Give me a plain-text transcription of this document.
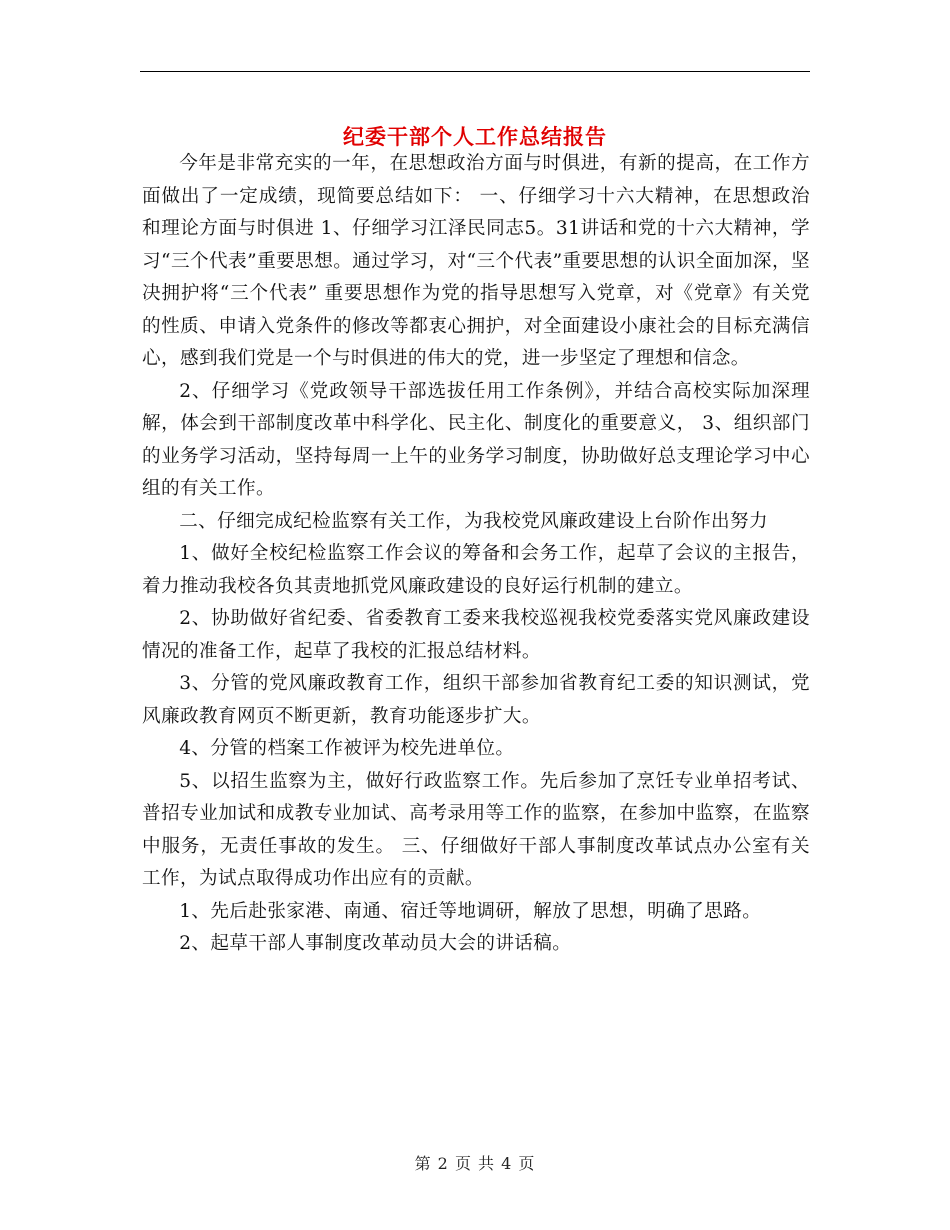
纪委干部个人工作总结报告

今年是非常充实的一年，在思想政治方面与时俱进，有新的提高，在工作方面做出了一定成绩，现简要总结如下： 一、仔细学习十六大精神，在思想政治和理论方面与时俱进 1、仔细学习江泽民同志5。31讲话和党的十六大精神，学习“三个代表”重要思想。通过学习，对“三个代表”重要思想的认识全面加深，坚决拥护将“三个代表” 重要思想作为党的指导思想写入党章，对《党章》有关党的性质、申请入党条件的修改等都衷心拥护，对全面建设小康社会的目标充满信心，感到我们党是一个与时俱进的伟大的党，进一步坚定了理想和信念。

2、仔细学习《党政领导干部选拔任用工作条例》，并结合高校实际加深理解，体会到干部制度改革中科学化、民主化、制度化的重要意义， 3、组织部门的业务学习活动，坚持每周一上午的业务学习制度，协助做好总支理论学习中心组的有关工作。

二、仔细完成纪检监察有关工作，为我校党风廉政建设上台阶作出努力

1、做好全校纪检监察工作会议的筹备和会务工作，起草了会议的主报告，着力推动我校各负其责地抓党风廉政建设的良好运行机制的建立。

2、协助做好省纪委、省委教育工委来我校巡视我校党委落实党风廉政建设情况的准备工作，起草了我校的汇报总结材料。

3、分管的党风廉政教育工作，组织干部参加省教育纪工委的知识测试，党风廉政教育网页不断更新，教育功能逐步扩大。

4、分管的档案工作被评为校先进单位。

5、以招生监察为主，做好行政监察工作。先后参加了烹饪专业单招考试、普招专业加试和成教专业加试、高考录用等工作的监察，在参加中监察，在监察中服务，无责任事故的发生。 三、仔细做好干部人事制度改革试点办公室有关工作，为试点取得成功作出应有的贡献。

1、先后赴张家港、南通、宿迁等地调研，解放了思想，明确了思路。

2、起草干部人事制度改革动员大会的讲话稿。

第 2 页 共 4 页
